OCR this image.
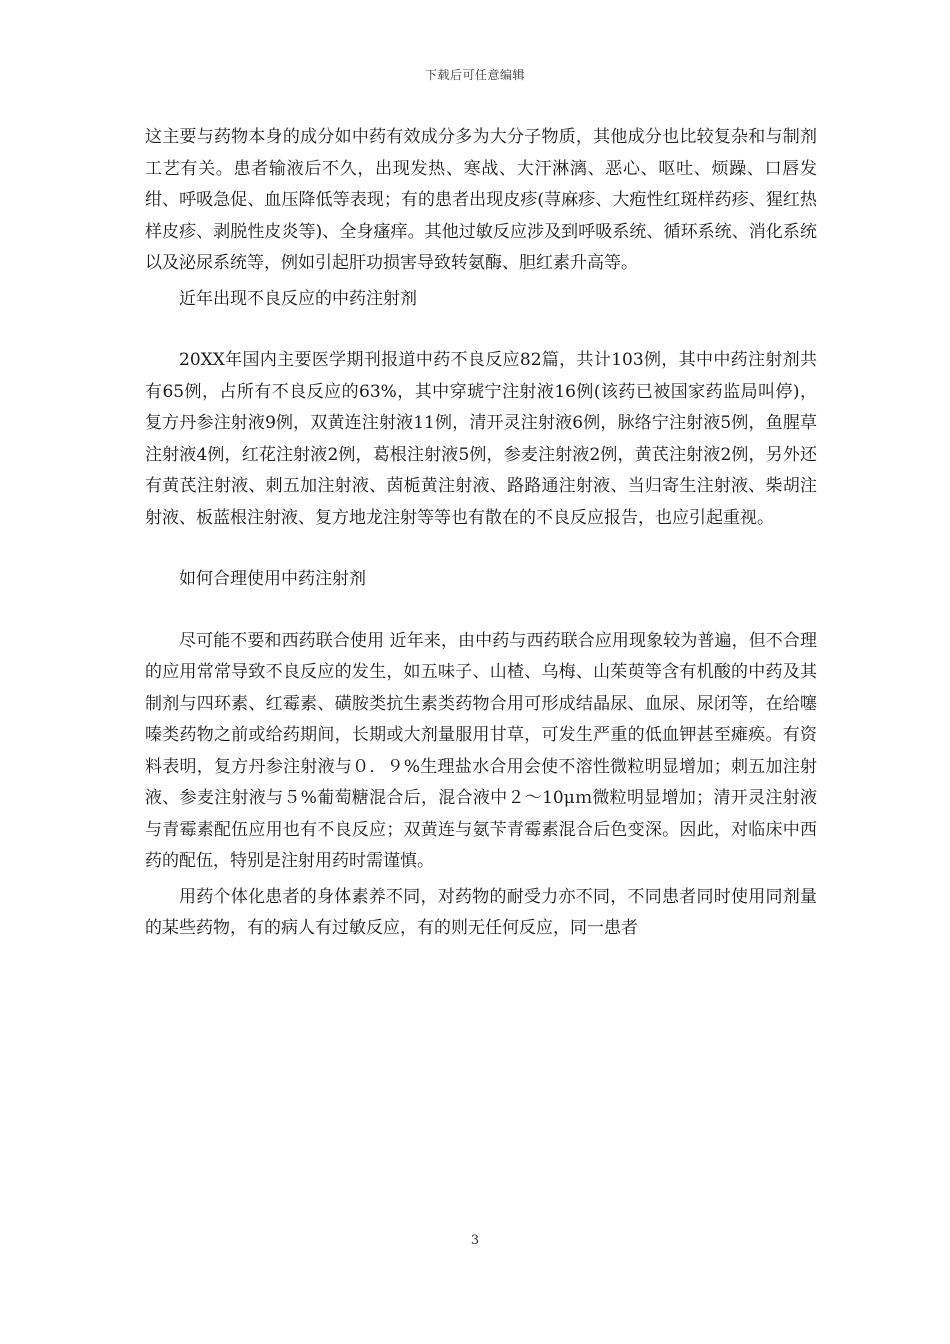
下载后可任意编辑

这主要与药物本身的成分如中药有效成分多为大分子物质，其他成分也比较复杂和与制剂工艺有关。患者输液后不久，出现发热、寒战、大汗淋漓、恶心、呕吐、烦躁、口唇发绀、呼吸急促、血压降低等表现；有的患者出现皮疹(荨麻疹、大疱性红斑样药疹、猩红热样皮疹、剥脱性皮炎等)、全身瘙痒。其他过敏反应涉及到呼吸系统、循环系统、消化系统以及泌尿系统等，例如引起肝功损害导致转氨酶、胆红素升高等。

近年出现不良反应的中药注射剂

20XX年国内主要医学期刊报道中药不良反应82篇，共计103例，其中中药注射剂共有65例，占所有不良反应的63%，其中穿琥宁注射液16例(该药已被国家药监局叫停)，复方丹参注射液9例，双黄连注射液11例，清开灵注射液6例，脉络宁注射液5例，鱼腥草注射液4例，红花注射液2例，葛根注射液5例，参麦注射液2例，黄芪注射液2例，另外还有黄芪注射液、刺五加注射液、茵栀黄注射液、路路通注射液、当归寄生注射液、柴胡注射液、板蓝根注射液、复方地龙注射等等也有散在的不良反应报告，也应引起重视。

如何合理使用中药注射剂

尽可能不要和西药联合使用 近年来，由中药与西药联合应用现象较为普遍，但不合理的应用常常导致不良反应的发生，如五味子、山楂、乌梅、山茱萸等含有机酸的中药及其制剂与四环素、红霉素、磺胺类抗生素类药物合用可形成结晶尿、血尿、尿闭等，在给噻嗪类药物之前或给药期间，长期或大剂量服用甘草，可发生严重的低血钾甚至瘫痪。有资料表明，复方丹参注射液与０．９%生理盐水合用会使不溶性微粒明显增加；刺五加注射液、参麦注射液与５%葡萄糖混合后，混合液中２～10μｍ微粒明显增加；清开灵注射液与青霉素配伍应用也有不良反应；双黄连与氨苄青霉素混合后色变深。因此，对临床中西药的配伍，特别是注射用药时需谨慎。

用药个体化患者的身体素养不同，对药物的耐受力亦不同，不同患者同时使用同剂量的某些药物，有的病人有过敏反应，有的则无任何反应，同一患者

3
